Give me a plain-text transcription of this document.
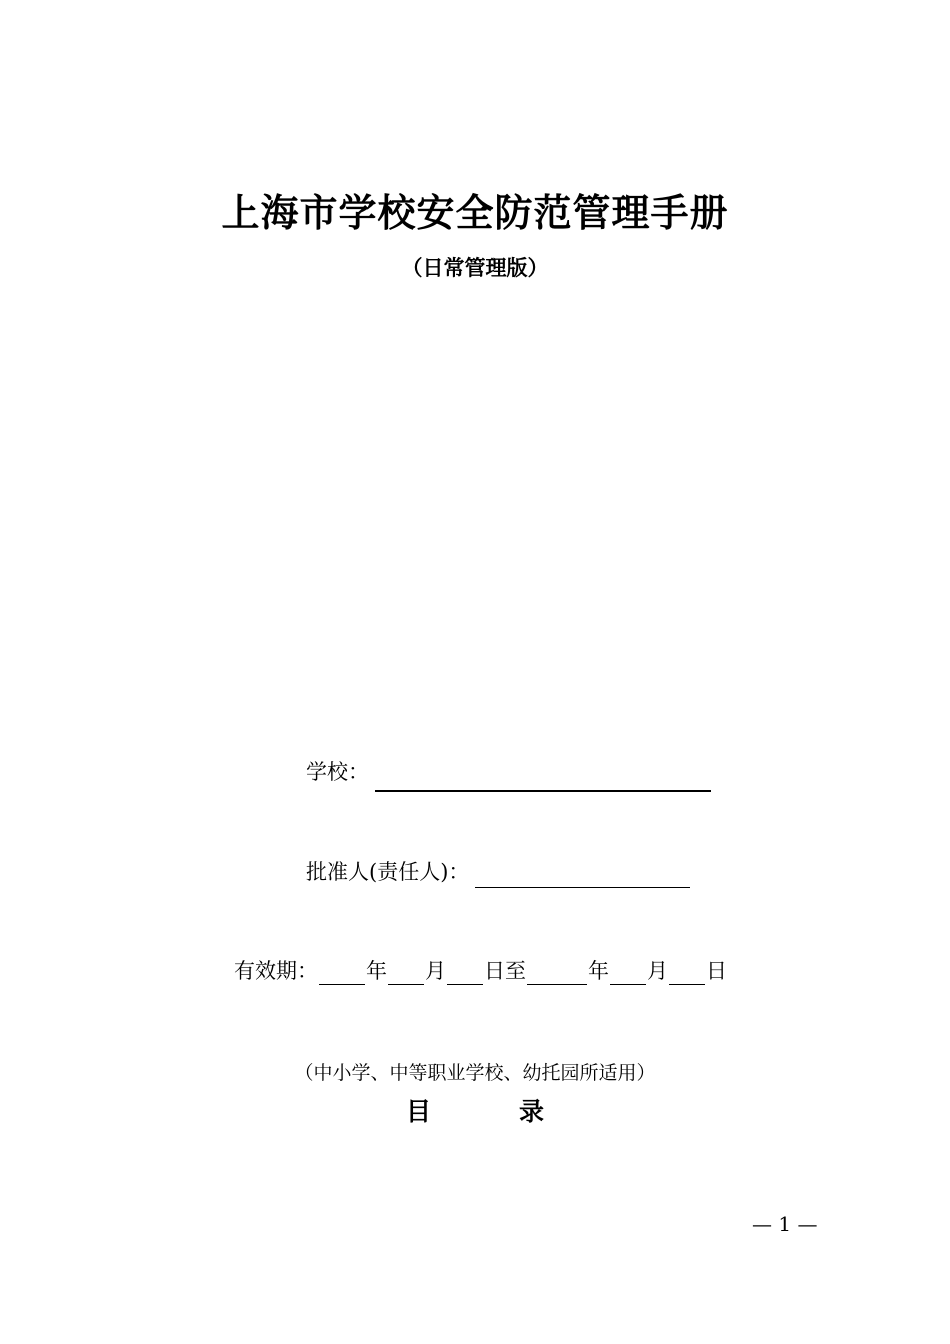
上海市学校安全防范管理手册
（日常管理版）
学校：
批准人(责任人)：
有效期： 年 月 日至	年 月 日
（中小学、中等职业学校、幼托园所适用）
目	录
— 1 —
